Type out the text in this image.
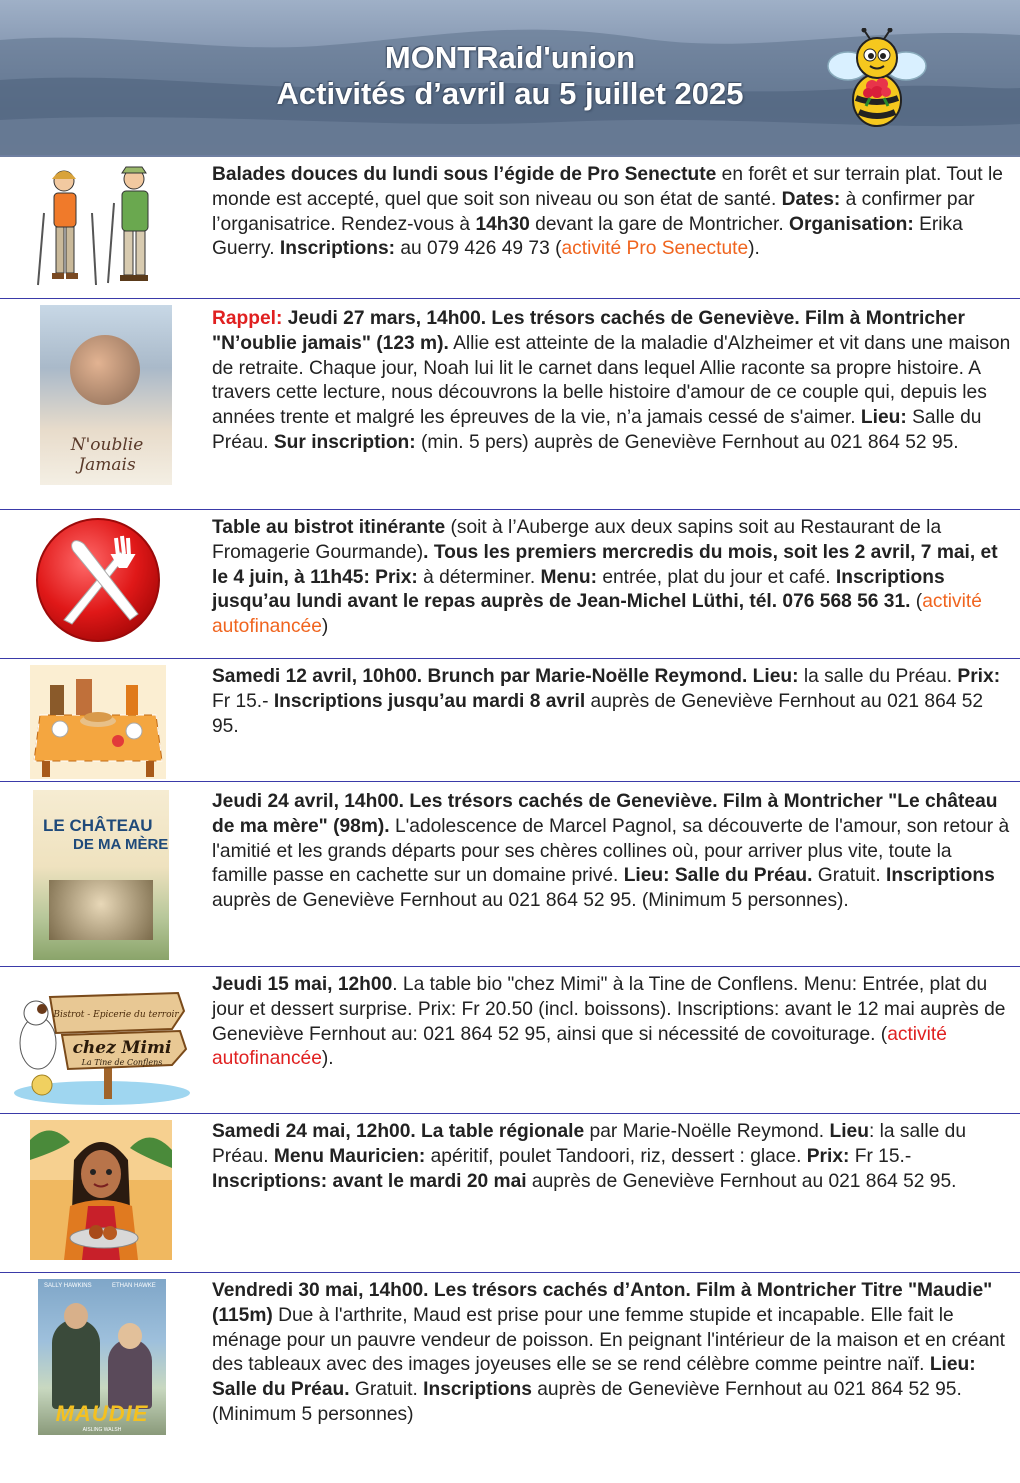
MONTRaid'union
Activités d’avril au 5 juillet 2025
Balades douces du lundi sous l’égide de Pro Senectute en forêt et sur terrain plat. Tout le monde est accepté, quel que soit son niveau ou son état de santé. Dates: à confirmer par l’organisatrice. Rendez-vous à 14h30 devant la gare de Montricher. Organisation: Erika Guerry. Inscriptions: au 079 426 49 73 (activité Pro Senectute).
N'oublie Jamais
Rappel: Jeudi 27 mars, 14h00. Les trésors cachés de Geneviève. Film à Montricher "N’oublie jamais" (123 m). Allie est atteinte de la maladie d'Alzheimer et vit dans une maison de retraite. Chaque jour, Noah lui lit le carnet dans lequel Allie raconte sa propre histoire. A travers cette lecture, nous découvrons la belle histoire d'amour de ce couple qui, depuis les années trente et malgré les épreuves de la vie, n’a jamais cessé de s'aimer. Lieu: Salle du Préau. Sur inscription: (min. 5 pers) auprès de Geneviève Fernhout au 021 864 52 95.
Table au bistrot itinérante (soit à l’Auberge aux deux sapins soit au Restaurant de la Fromagerie Gourmande). Tous les premiers mercredis du mois, soit les 2 avril, 7 mai, et le 4 juin, à 11h45: Prix: à déterminer. Menu: entrée, plat du jour et café. Inscriptions jusqu’au lundi avant le repas auprès de Jean-Michel Lüthi, tél. 076 568 56 31. (activité autofinancée)
Samedi 12 avril, 10h00. Brunch par Marie-Noëlle Reymond. Lieu: la salle du Préau. Prix: Fr 15.- Inscriptions jusqu’au mardi 8 avril auprès de Geneviève Fernhout au 021 864 52 95.
LE CHÂTEAU
DE MA MÈRE
Jeudi 24 avril, 14h00. Les trésors cachés de Geneviève. Film à Montricher "Le château de ma mère" (98m). L'adolescence de Marcel Pagnol, sa découverte de l'amour, son retour à l'amitié et les grands départs pour ses chères collines où, pour arriver plus vite, toute la famille passe en cachette sur un domaine privé. Lieu: Salle du Préau. Gratuit. Inscriptions auprès de Geneviève Fernhout au 021 864 52 95. (Minimum 5 personnes).
Bistrot - Epicerie du terroir
chez Mimi
La Tine de Conflens
Jeudi 15 mai, 12h00. La table bio "chez Mimi" à la Tine de Conflens. Menu: Entrée, plat du jour et dessert surprise. Prix: Fr 20.50 (incl. boissons). Inscriptions: avant le 12 mai auprès de Geneviève Fernhout au: 021 864 52 95, ainsi que si nécessité de covoiturage. (activité autofinancée).
Samedi 24 mai, 12h00. La table régionale par Marie-Noëlle Reymond. Lieu: la salle du Préau. Menu Mauricien: apéritif, poulet Tandoori, riz, dessert : glace. Prix: Fr 15.- Inscriptions: avant le mardi 20 mai auprès de Geneviève Fernhout au 021 864 52 95.
SALLY HAWKINS	ETHAN HAWKE
MAUDIE
AISLING WALSH
Vendredi 30 mai, 14h00. Les trésors cachés d’Anton. Film à Montricher Titre "Maudie" (115m) Due à l'arthrite, Maud est prise pour une femme stupide et incapable. Elle fait le ménage pour un pauvre vendeur de poisson. En peignant l'intérieur de la maison et en créant des tableaux avec des images joyeuses elle se se rend célèbre comme peintre naïf. Lieu: Salle du Préau. Gratuit. Inscriptions auprès de Geneviève Fernhout au 021 864 52 95. (Minimum 5 personnes)
